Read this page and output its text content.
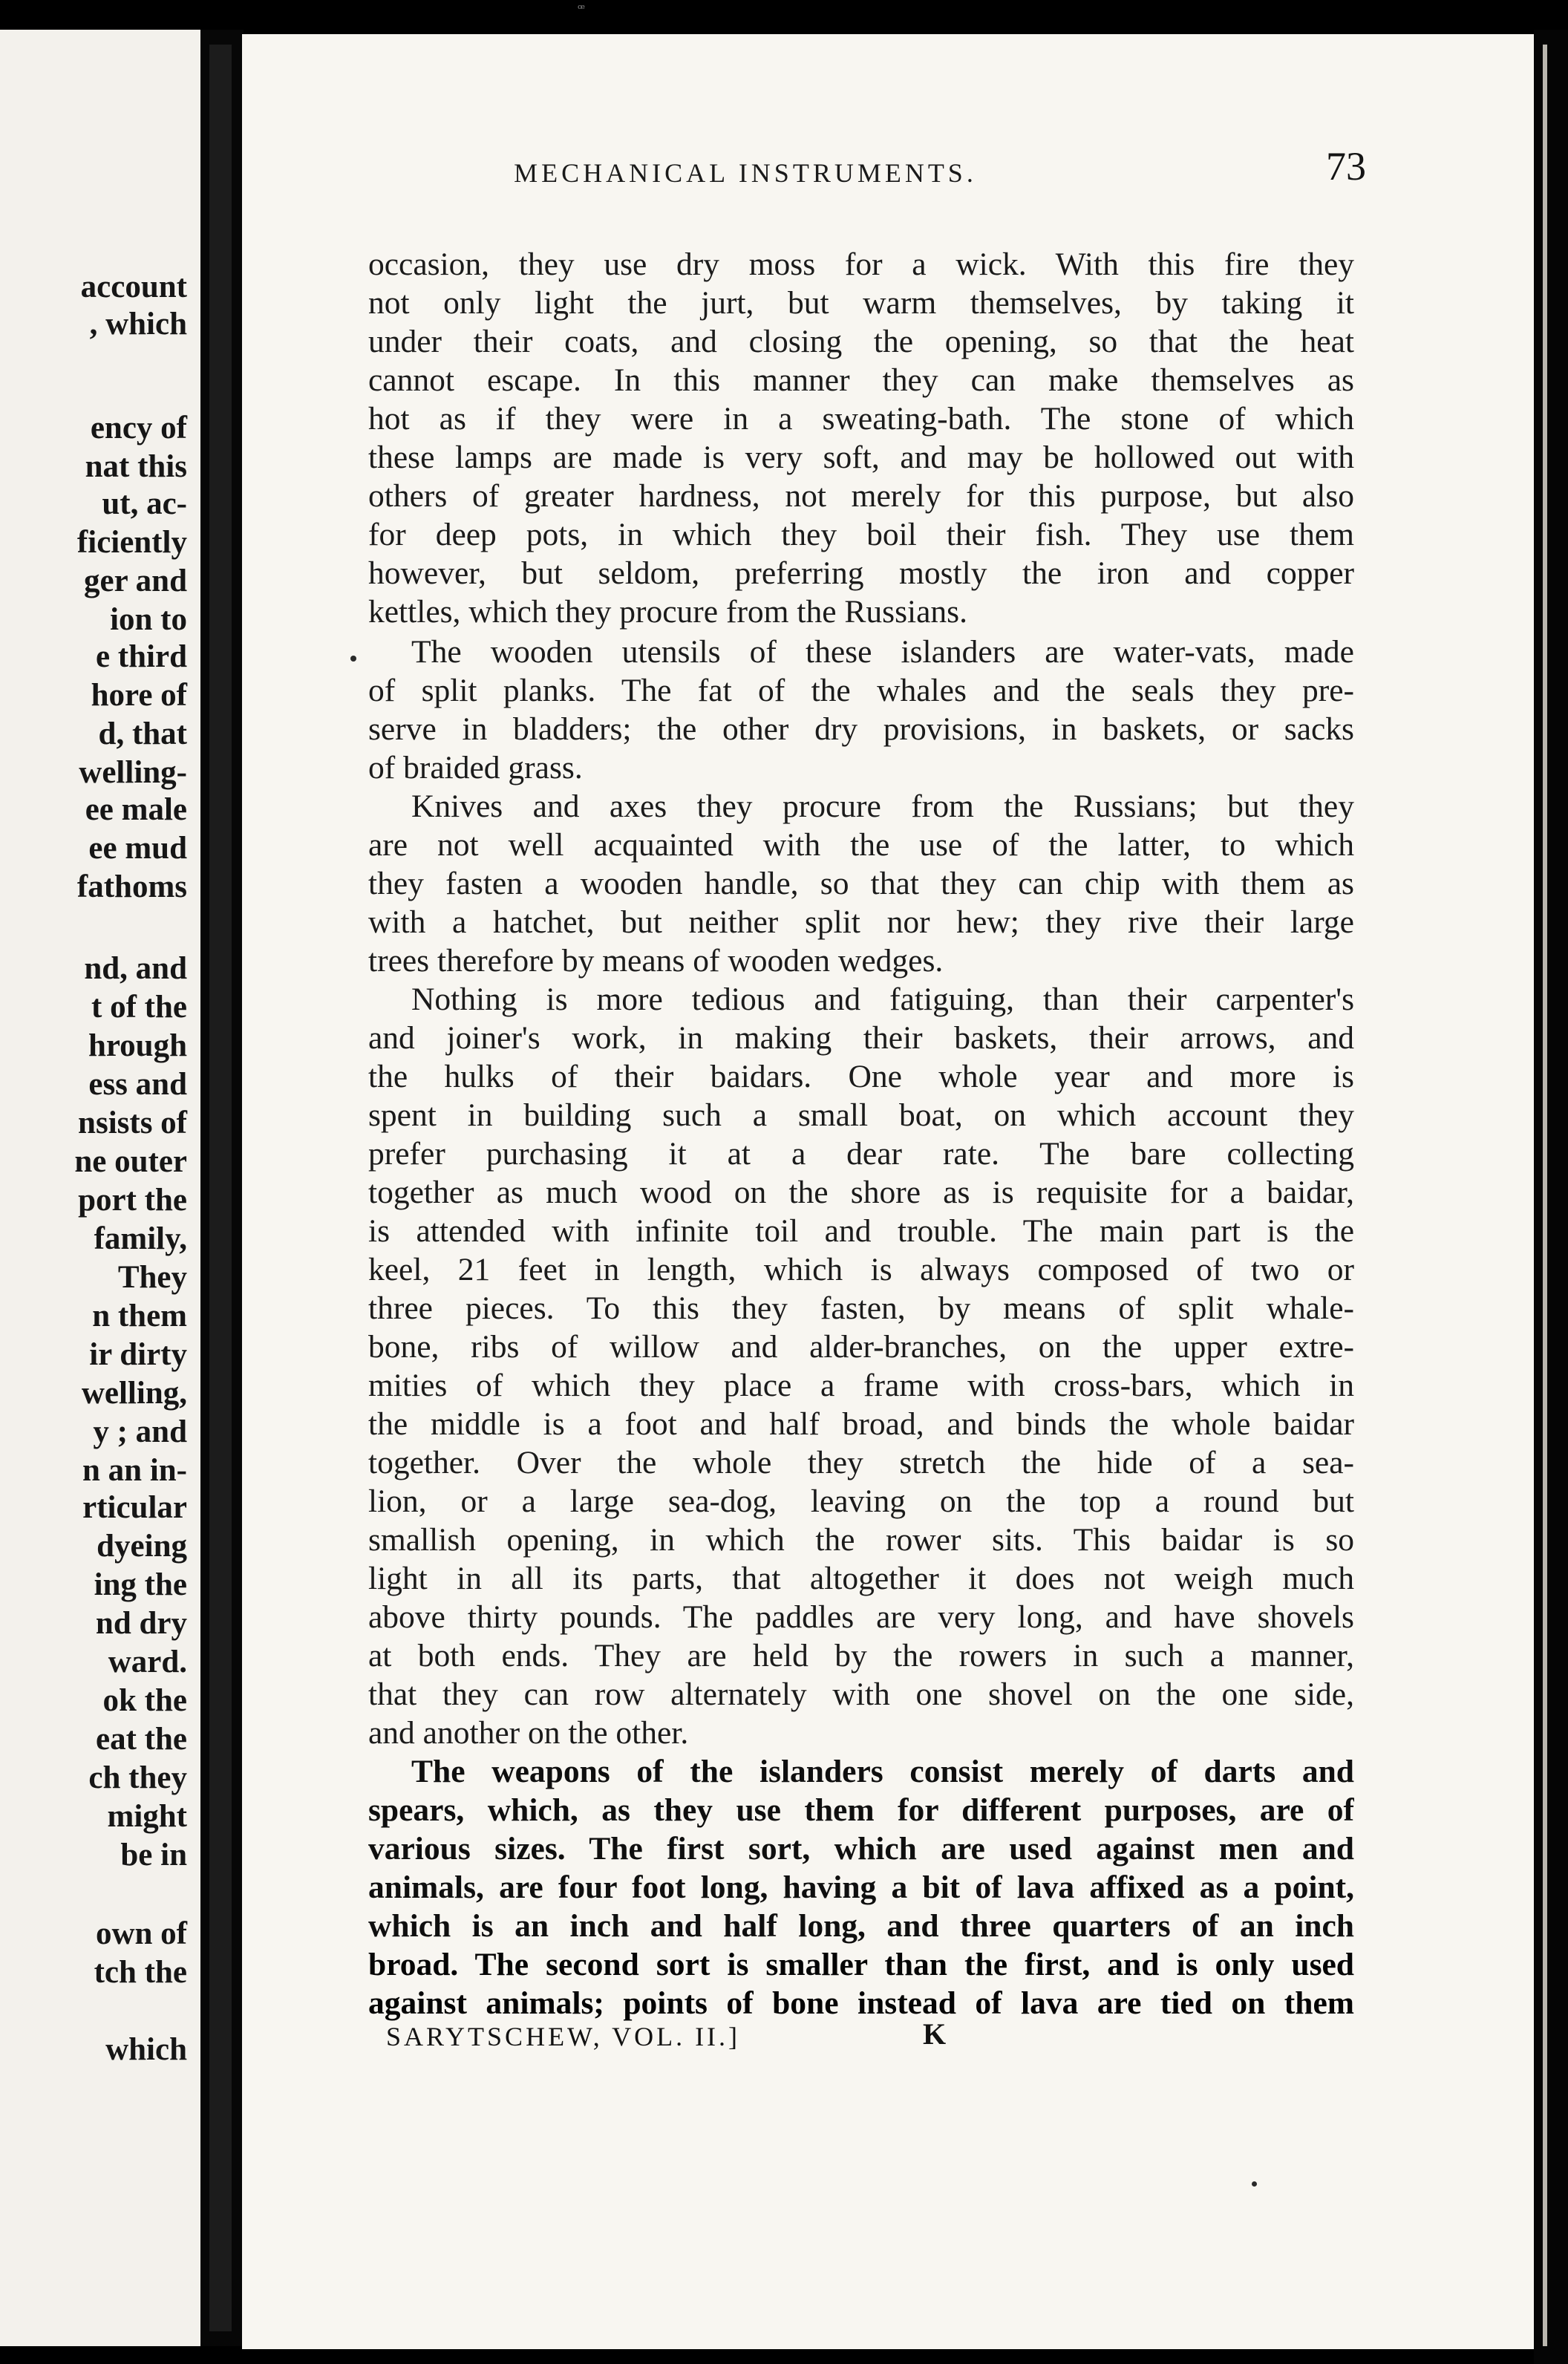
ꟹ
account
, which
ency of
nat this
ut, ac-
ficiently
ger and
ion to
e third
hore of
d, that
welling-
ee male
ee mud
fathoms
nd, and
t of the
hrough
ess and
nsists of
ne outer
port the
family,
They
n them
ir dirty
welling,
y ; and
n an in-
rticular
dyeing
ing the
nd dry
ward.
ok the
eat the
ch they
might
be in
own of
tch the
which
MECHANICAL INSTRUMENTS.	73
occasion, they use dry moss for a wick. With this fire they
not only light the jurt, but warm themselves, by taking it
under their coats, and closing the opening, so that the heat
cannot escape. In this manner they can make themselves as
hot as if they were in a sweating-bath. The stone of which
these lamps are made is very soft, and may be hollowed out with
others of greater hardness, not merely for this purpose, but also
for deep pots, in which they boil their fish. They use them
however, but seldom, preferring mostly the iron and copper
kettles, which they procure from the Russians.
The wooden utensils of these islanders are water-vats, made
of split planks. The fat of the whales and the seals they pre-
serve in bladders; the other dry provisions, in baskets, or sacks
of braided grass.
Knives and axes they procure from the Russians; but they
are not well acquainted with the use of the latter, to which
they fasten a wooden handle, so that they can chip with them as
with a hatchet, but neither split nor hew; they rive their large
trees therefore by means of wooden wedges.
Nothing is more tedious and fatiguing, than their carpenter's
and joiner's work, in making their baskets, their arrows, and
the hulks of their baidars. One whole year and more is
spent in building such a small boat, on which account they
prefer purchasing it at a dear rate. The bare collecting
together as much wood on the shore as is requisite for a baidar,
is attended with infinite toil and trouble. The main part is the
keel, 21 feet in length, which is always composed of two or
three pieces. To this they fasten, by means of split whale-
bone, ribs of willow and alder-branches, on the upper extre-
mities of which they place a frame with cross-bars, which in
the middle is a foot and half broad, and binds the whole baidar
together. Over the whole they stretch the hide of a sea-
lion, or a large sea-dog, leaving on the top a round but
smallish opening, in which the rower sits. This baidar is so
light in all its parts, that altogether it does not weigh much
above thirty pounds. The paddles are very long, and have shovels
at both ends. They are held by the rowers in such a manner,
that they can row alternately with one shovel on the one side,
and another on the other.
The weapons of the islanders consist merely of darts and
spears, which, as they use them for different purposes, are of
various sizes. The first sort, which are used against men and
animals, are four foot long, having a bit of lava affixed as a point,
which is an inch and half long, and three quarters of an inch
broad. The second sort is smaller than the first, and is only used
against animals; points of bone instead of lava are tied on them
SARYTSCHEW, VOL. II.]	K
